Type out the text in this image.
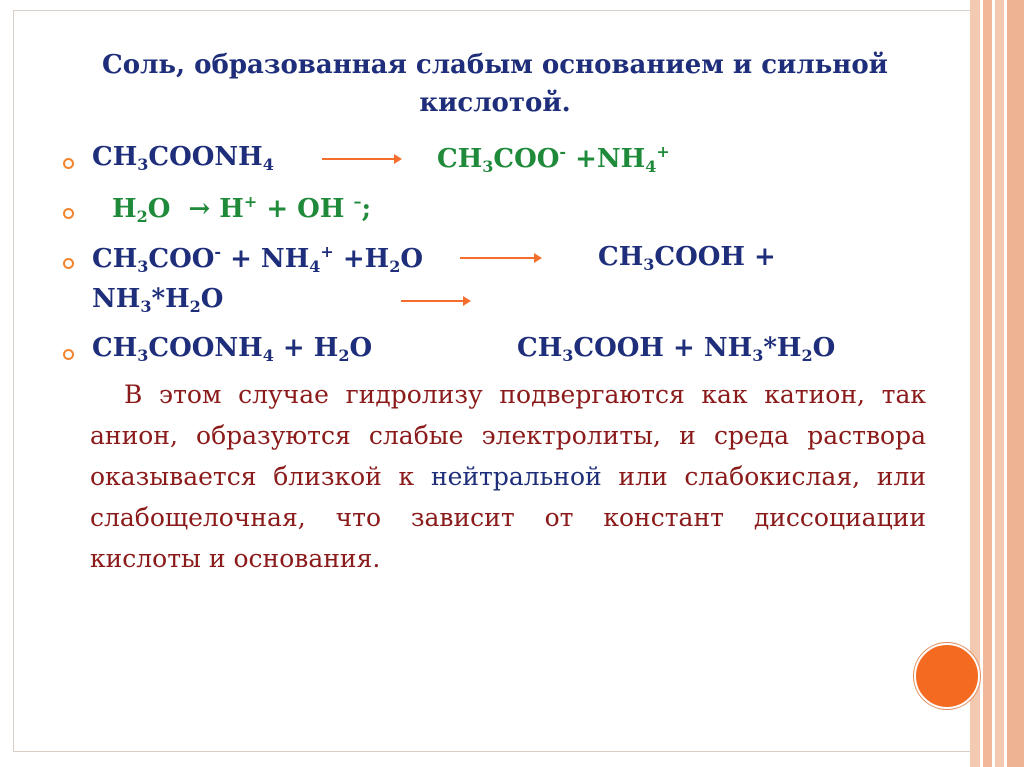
Соль, образованная слабым основанием и сильной кислотой.
$CH_3COONH_4$	$CH_3COO^- +NH_4^+$
$H_2O \to H^+$ + OH –;
$CH_3COO^- + NH_4^+ +H_2O$	$CH_3COOH$ +
$NH_3*H_2O$
$CH_3COONH_4 + H_2O$	$CH_3COOH + NH_3*H_2O$
В этом случае гидролизу подвергаются как катион, так анион, образуются слабые электролиты, и среда раствора оказывается близкой к нейтральной или слабокислая, или слабощелочная, что зависит от констант диссоциации кислоты и основания.
